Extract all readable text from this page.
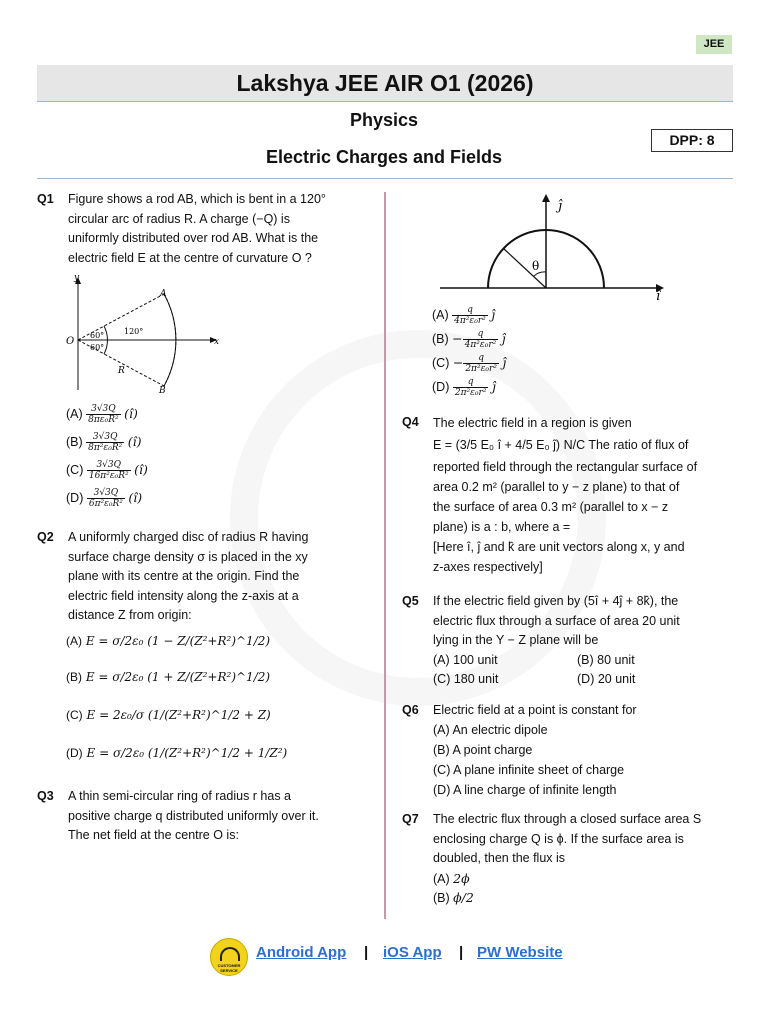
JEE
Lakshya JEE AIR O1 (2026)
Physics
Electric Charges and Fields
DPP: 8
Q1 Figure shows a rod AB, which is bent in a 120°
circular arc of radius R. A charge (−Q) is
uniformly distributed over rod AB. What is the
electric field E at the centre of curvature O ?
y
x
O
A
B
R
60°
60°
120°
$(A) \frac{3√3Q}{\text{8πε₀R²}}$ (î)
$(B) \frac{3√3Q}{\text{8π²ε₀R²}}$ (î)
$(C) \frac{3√3Q}{\text{16π²ε₀R²}}$ (î)
$(D) \frac{3√3Q}{\text{6π²ε₀R²}}$ (î)
Q2 A uniformly charged disc of radius R having
surface charge density σ is placed in the xy
plane with its centre at the origin. Find the
electric field intensity along the z-axis at a
distance Z from origin:
(A) E = σ/2ε₀ (1 − Z/(Z²+R²)^1/2)
(B) E = σ/2ε₀ (1 + Z/(Z²+R²)^1/2)
(C) E = 2ε₀/σ (1/(Z²+R²)^1/2 + Z)
(D) E = σ/2ε₀ (1/(Z²+R²)^1/2 + 1/Z²)
Q3 A thin semi-circular ring of radius r has a
positive charge q distributed uniformly over it.
The net field at the centre O is:
θ
ĵ
î
$(A) \frac{q}{\text{4π²ε₀r²}}$ ĵ
$(B) - \frac{q}{\text{4π²ε₀r²}}$ ĵ
$(C) - \frac{q}{\text{2π²ε₀r²}}$ ĵ
$(D) \frac{q}{\text{2π²ε₀r²}}$ ĵ
Q4 The electric field in a region is given
E = (3/5 E₀ î + 4/5 E₀ ĵ) N/C The ratio of flux of
reported field through the rectangular surface of
area 0.2 m² (parallel to y − z plane) to that of
the surface of area 0.3 m² (parallel to x − z
plane) is a : b, where a =
[Here î, ĵ and k̂ are unit vectors along x, y and
z-axes respectively]
Q5 If the electric field given by (5î + 4ĵ + 8k̂), the
electric flux through a surface of area 20 unit
lying in the Y − Z plane will be
(A) 100 unit	(B) 80 unit
(C) 180 unit	(D) 20 unit
Q6 Electric field at a point is constant for
(A) An electric dipole
(B) A point charge
(C) A plane infinite sheet of charge
(D) A line charge of infinite length
Q7 The electric flux through a closed surface area S
enclosing charge Q is ϕ. If the surface area is
doubled, then the flux is
(A) 2ϕ
(B) ϕ/2
CUSTOMER SERVICE
Android App | iOS App | PW Website
